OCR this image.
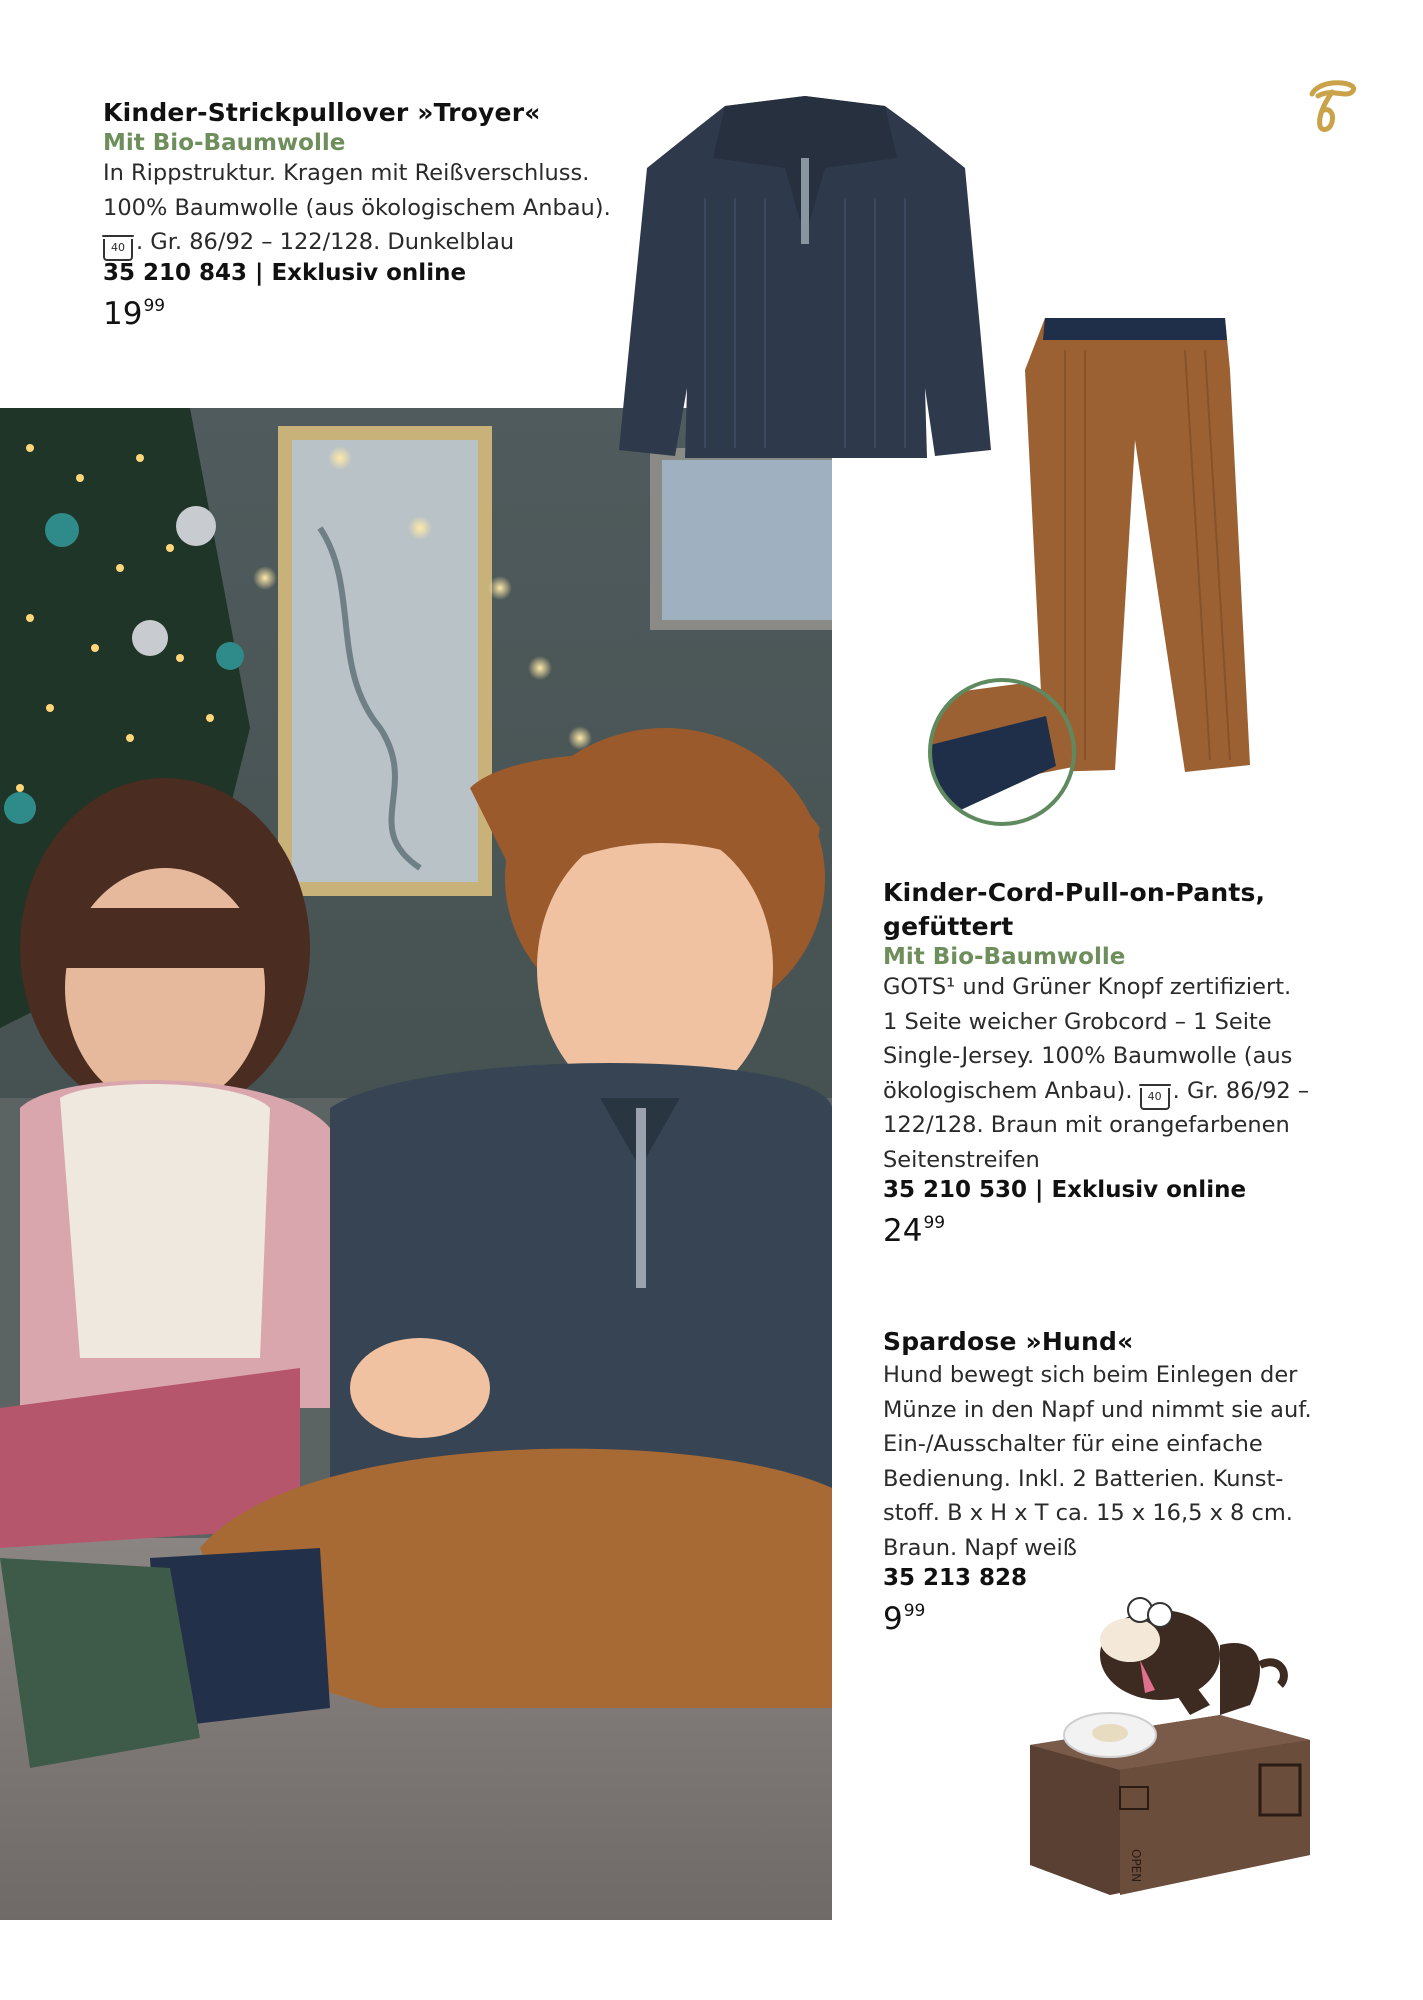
Kinder-Strickpullover »Troyer«
Mit Bio-Baumwolle
In Rippstruktur. Kragen mit Reißverschluss.
100% Baumwolle (aus ökologischem Anbau).
40 . Gr. 86/92 – 122/128. Dunkelblau
35 210 843 | Exklusiv online
$19^{99}$
Kinder-Cord-Pull-on-Pants,
gefüttert
Mit Bio-Baumwolle
GOTS¹ und Grüner Knopf zertifiziert.
1 Seite weicher Grobcord – 1 Seite
Single-Jersey. 100% Baumwolle (aus
ökologischem Anbau). 40 . Gr. 86/92 –
122/128. Braun mit orangefarbenen
Seitenstreifen
35 210 530 | Exklusiv online
$24^{99}$
Spardose »Hund«
Hund bewegt sich beim Einlegen der
Münze in den Napf und nimmt sie auf.
Ein-/Ausschalter für eine einfache
Bedienung. Inkl. 2 Batterien. Kunst-
stoff. B x H x T ca. 15 x 16,5 x 8 cm.
Braun. Napf weiß
35 213 828
$9^{99}$
OPEN
